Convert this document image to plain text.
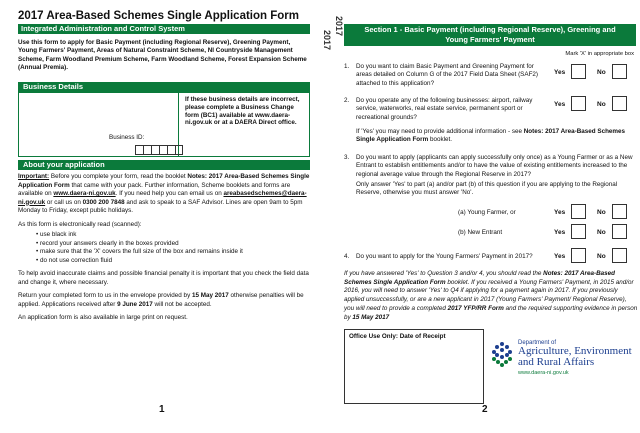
2017 Area-Based Schemes Single Application Form
Integrated Administration and Control System
Use this form to apply for Basic Payment (including Regional Reserve), Greening Payment, Young Farmers' Payment, Areas of Natural Constraint Scheme, NI Countryside Management Scheme, Farm Woodland Premium Scheme, Farm Woodland Scheme, Forest Expansion Scheme (Annual Premia).
Business Details
Business ID:
If these business details are incorrect, please complete a Business Change form (BC1) available at www.daera-ni.gov.uk or at a DAERA Direct office.
About your application

Important: Before you complete your form, read the booklet Notes: 2017 Area-Based Schemes Single Application Form that came with your pack. Further information, Scheme booklets and forms are available on www.daera-ni.gov.uk. If you need help you can email us on areabasedschemes@daera-ni.gov.uk or call us on 0300 200 7848 and ask to speak to a SAF Advisor. Lines are open 9am to 5pm Monday to Friday, except public holidays.

As this form is electronically read (scanned):

• use black ink
• record your answers clearly in the boxes provided
• make sure that the 'X' covers the full size of the box and remains inside it
• do not use correction fluid

To help avoid inaccurate claims and possible financial penalty it is important that you check the field data and change it, where necessary.

Return your completed form to us in the envelope provided by 15 May 2017 otherwise penalties will be applied. Applications received after 9 June 2017 will not be accepted.

An application form is also available in large print on request.

1
2017
2017	Section 1 - Basic Payment (including Regional Reserve), Greening and
Young Farmers' Payment
Mark 'X' in appropriate box
1. Do you want to claim Basic Payment and Greening Payment for areas detailed on Column G of the 2017 Field Data Sheet (SAF2) attached to this application?
Yes	No
2. Do you operate any of the following businesses: airport, railway service, waterworks, real estate service, permanent sport or recreational grounds?
Yes	No
If 'Yes' you may need to provide additional information - see Notes: 2017 Area-Based Schemes Single Application Form booklet.
3. Do you want to apply (applicants can apply successfully only once) as a Young Farmer or as a New Entrant to establish entitlements and/or to have the value of existing entitlements increased to the regional average value through the Regional Reserve in 2017?
Only answer 'Yes' to part (a) and/or part (b) of this question if you are applying to the Regional Reserve, otherwise you must answer 'No'.
(a) Young Farmer, or	Yes	No
(b) New Entrant	Yes	No
4. Do you want to apply for the Young Farmers' Payment in 2017?	Yes	No
If you have answered 'Yes' to Question 3 and/or 4, you should read the Notes: 2017 Area-Based Schemes Single Application Form booklet. If you received a Young Farmers' Payment, in 2015 and/or 2016, you will need to answer 'Yes' to Q4 if applying for a payment again in 2017. If you previously applied unsuccessfully, or are a new applicant in 2017 (Young Farmers' Payment/ Regional Reserve), you will need to provide a completed 2017 YFP/RR Form and the required supporting evidence in person by 15 May 2017
Office Use Only: Date of Receipt
Department of
Agriculture, Environment
and Rural Affairs
www.daera-ni.gov.uk
2
